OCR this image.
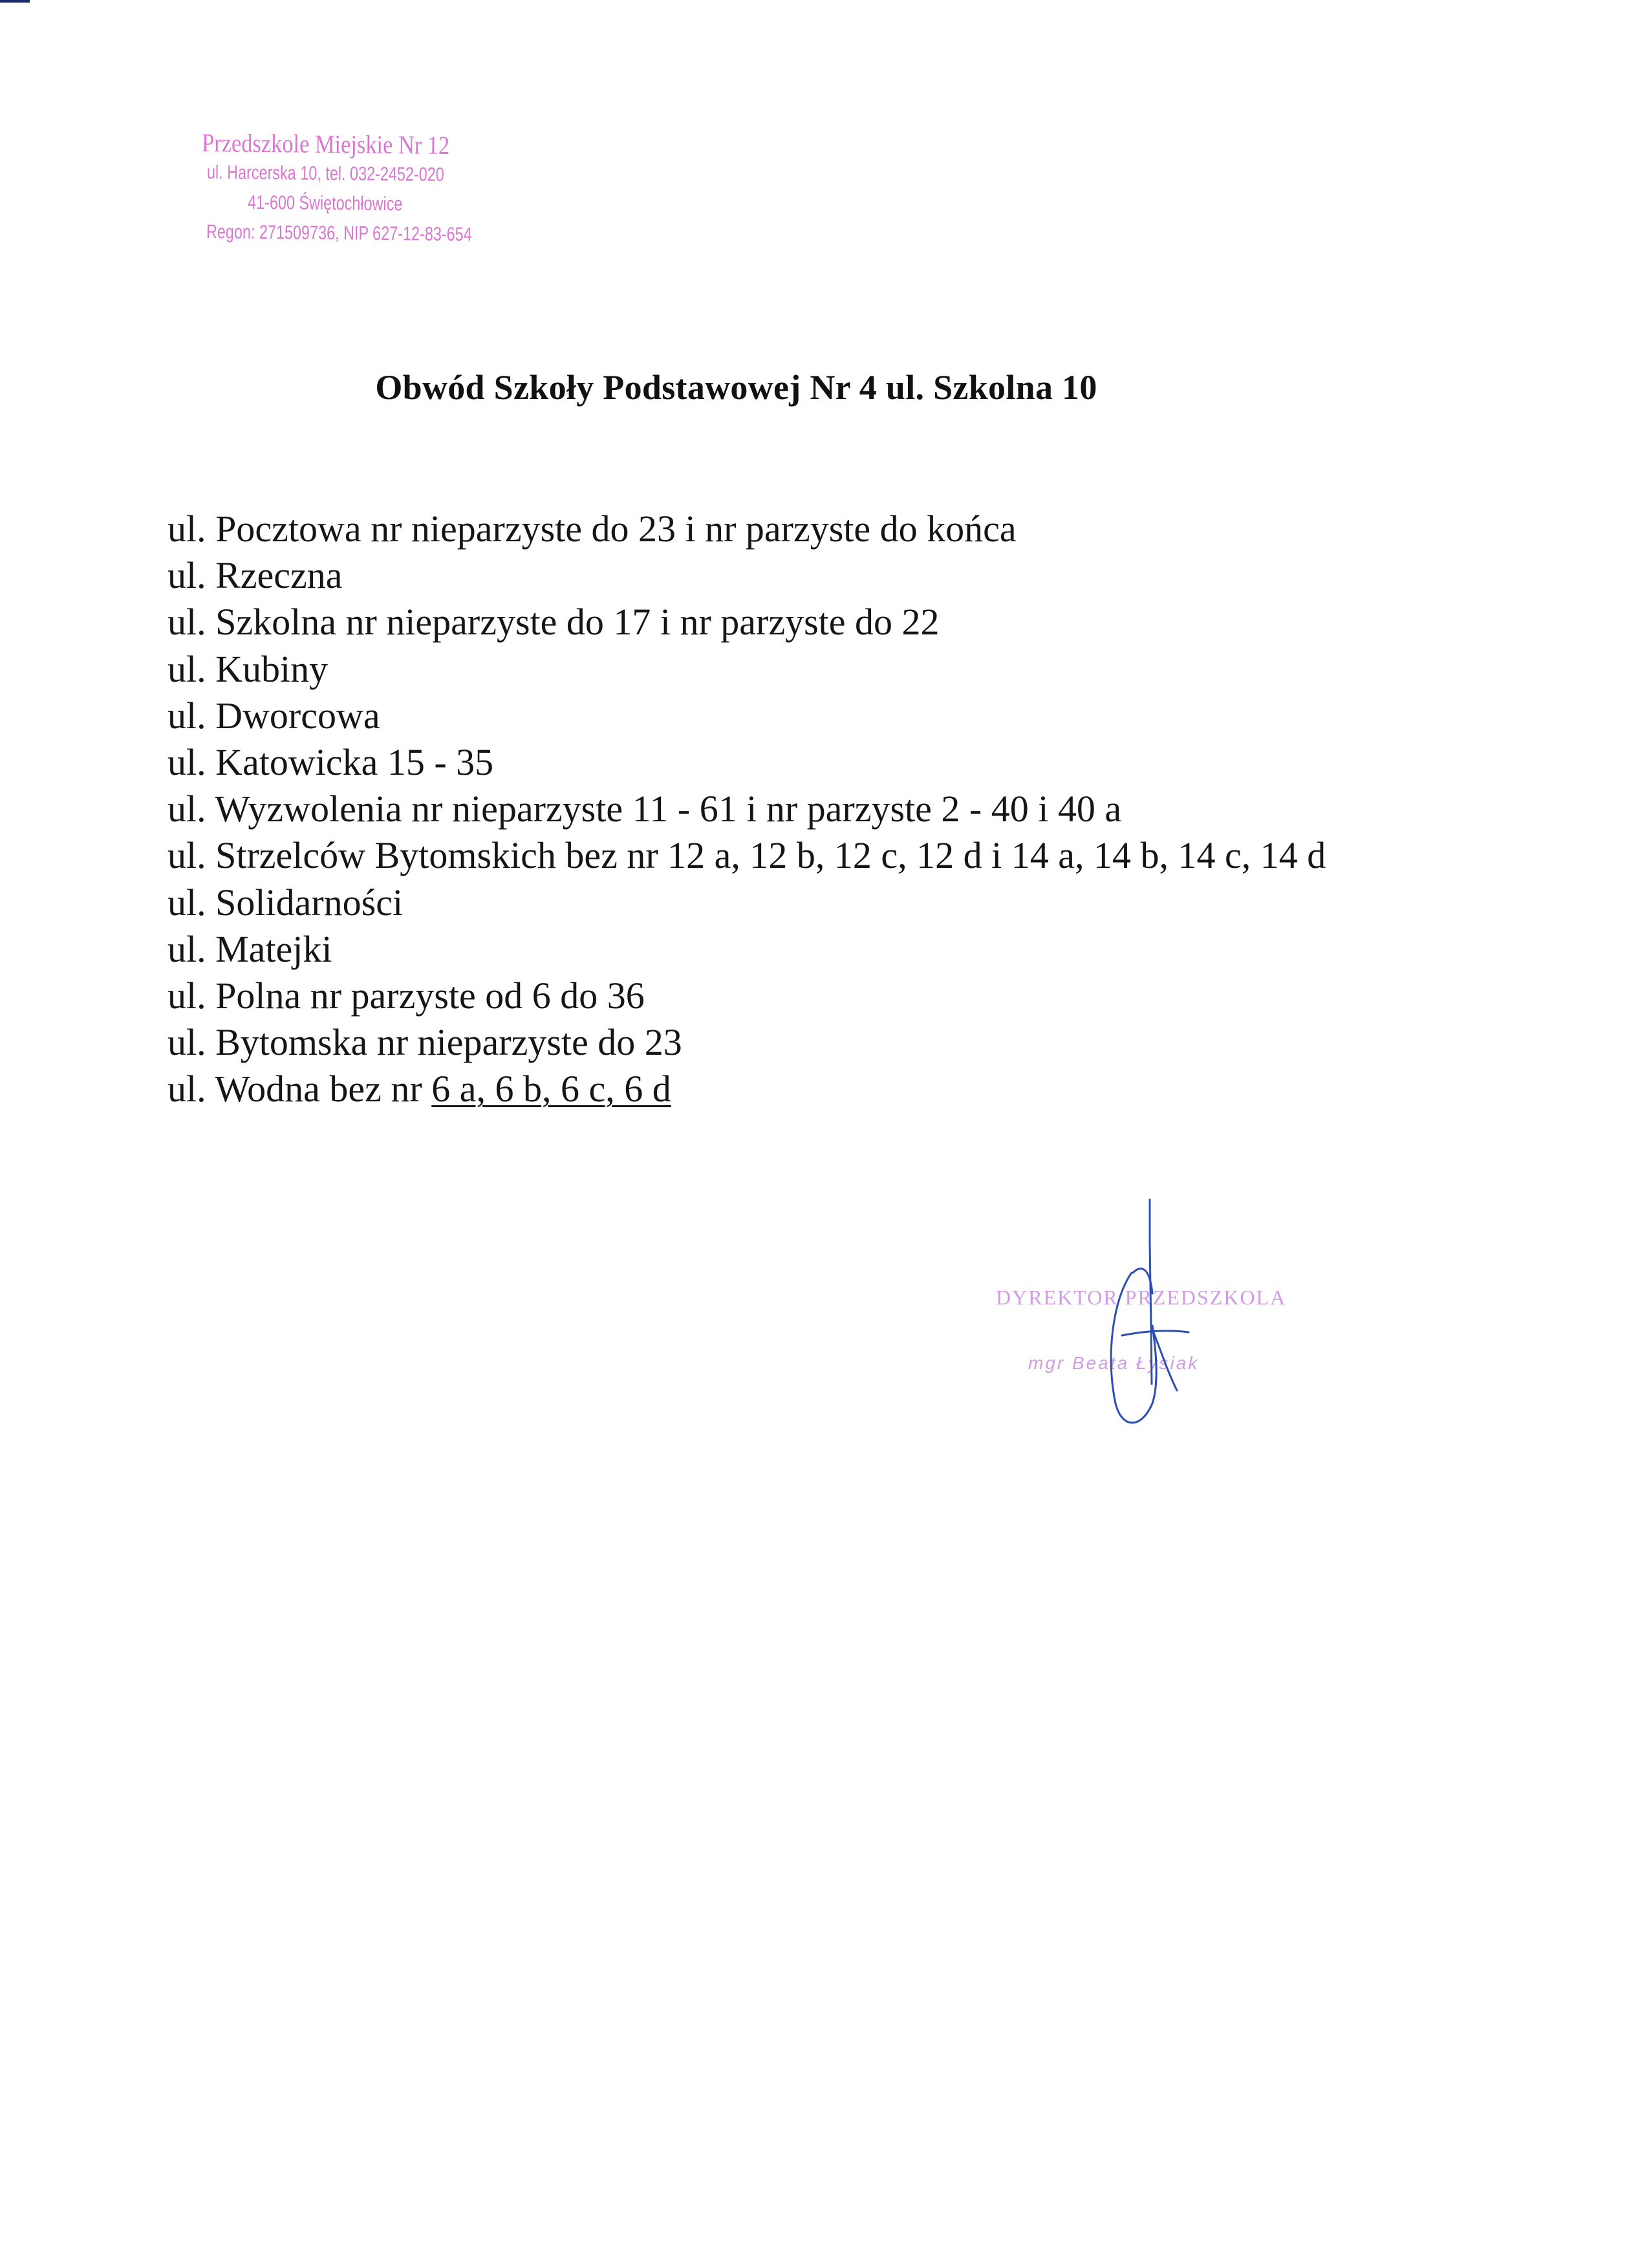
Przedszkole Miejskie Nr 12
ul. Harcerska 10, tel. 032-2452-020
41-600 Świętochłowice
Regon: 271509736, NIP 627-12-83-654
Obwód Szkoły Podstawowej Nr 4 ul. Szkolna 10
ul. Pocztowa nr nieparzyste do 23 i nr parzyste do końca
ul. Rzeczna
ul. Szkolna nr nieparzyste do 17 i nr parzyste do 22
ul. Kubiny
ul. Dworcowa
ul. Katowicka 15 - 35
ul. Wyzwolenia nr nieparzyste 11 - 61 i nr parzyste 2 - 40 i 40 a
ul. Strzelców Bytomskich bez nr 12 a, 12 b, 12 c, 12 d i 14 a, 14 b, 14 c, 14 d
ul. Solidarności
ul. Matejki
ul. Polna nr parzyste od 6 do 36
ul. Bytomska nr nieparzyste do 23
ul. Wodna bez nr 6 a, 6 b, 6 c, 6 d
DYREKTOR PRZEDSZKOLA
mgr Beata Łysiak
